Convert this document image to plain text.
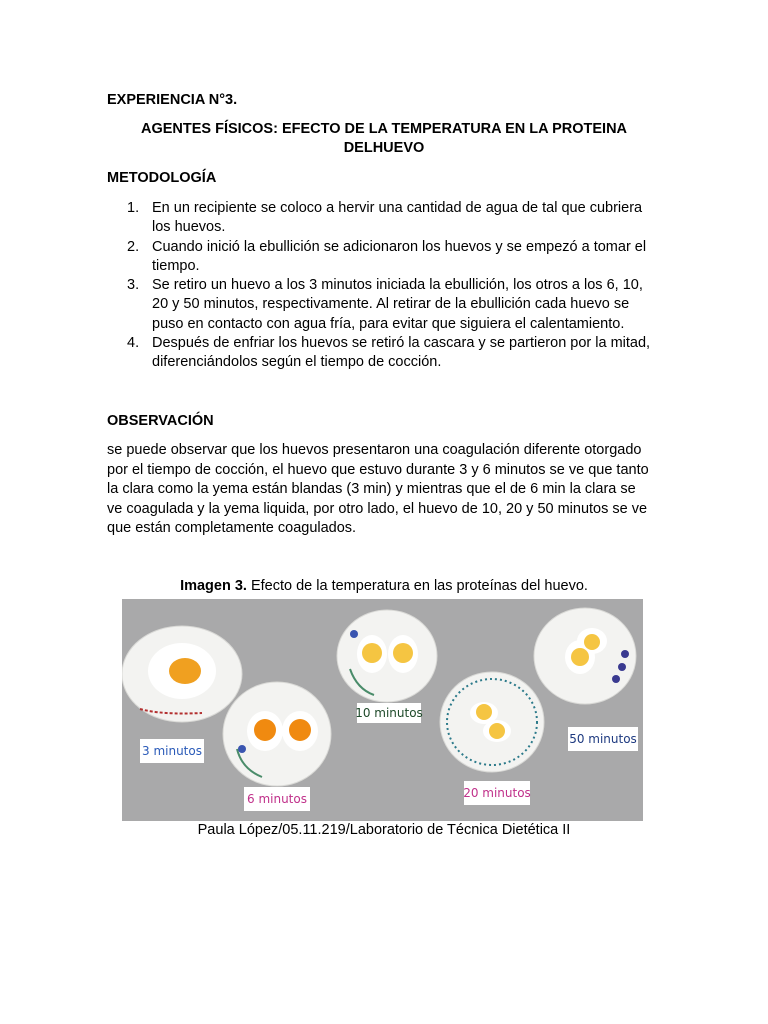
EXPERIENCIA N°3.
AGENTES FÍSICOS: EFECTO DE LA TEMPERATURA EN LA PROTEINA DELHUEVO
METODOLOGÍA
1. En un recipiente se coloco a hervir una cantidad de agua de tal que cubriera
los huevos.
2. Cuando inició la ebullición se adicionaron los huevos y se empezó a tomar el
tiempo.
3. Se retiro un huevo a los 3 minutos iniciada la ebullición, los otros a los 6, 10,
20 y 50 minutos, respectivamente. Al retirar de la ebullición cada huevo se
puso en contacto con agua fría, para evitar que siguiera el calentamiento.
4. Después de enfriar los huevos se retiró la cascara y se partieron por la mitad,
diferenciándolos según el tiempo de cocción.
OBSERVACIÓN
se puede observar que los huevos presentaron una coagulación diferente otorgado
por el tiempo de cocción, el huevo que estuvo durante 3 y 6 minutos se ve que tanto
la clara como la yema están blandas (3 min) y mientras que el de 6 min la clara se
ve coagulada y la yema liquida, por otro lado, el huevo de 10, 20 y 50 minutos se ve
que están completamente coagulados.
Imagen 3. Efecto de la temperatura en las proteínas del huevo.
3 minutos
6 minutos
10 minutos
20 minutos
50 minutos
Paula López/05.11.219/Laboratorio de Técnica Dietética II
